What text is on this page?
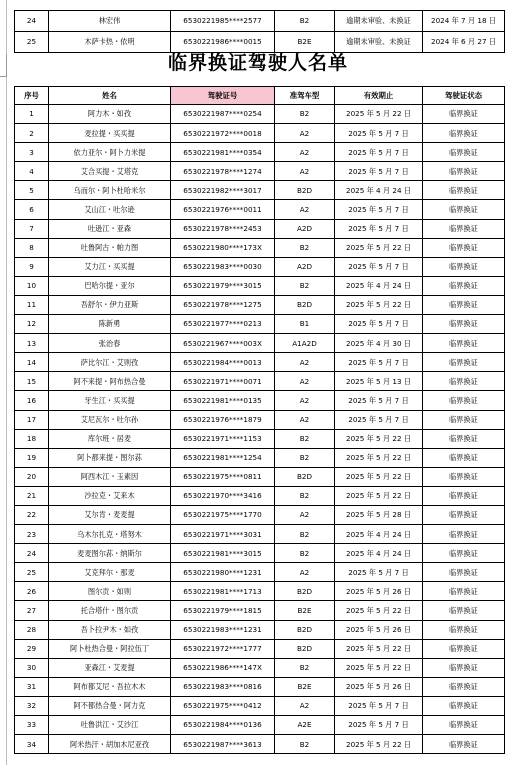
24	林宏伟	6530221985****2577	B2	逾期未审验、未换证	2024 年 7 月 18 日
25	木萨卡热・依明	6530221986****0015	B2E	逾期未审验、未换证	2024 年 6 月 27 日
临界换证驾驶人名单
序号	姓名	驾驶证号	准驾车型	有效期止	驾驶证状态
1	阿力木・如孜	6530221987****0254	B2	2025 年 5 月 22 日	临界换证
2	麦拉提・买买提	6530221972****0018	A2	2025 年 5 月 7 日	临界换证
3	依力亚尔・阿卜力米提	6530221981****0354	A2	2025 年 5 月 7 日	临界换证
4	艾合买提・艾塔克	6530221978****1274	A2	2025 年 5 月 7 日	临界换证
5	乌而尔・阿卜杜哈米尔	6530221982****3017	B2D	2025 年 4 月 24 日	临界换证
6	艾山江・吐尔逊	6530221976****0011	A2	2025 年 5 月 7 日	临界换证
7	吐逊江・亚森	6530221978****2453	A2D	2025 年 5 月 7 日	临界换证
8	吐鲁阿古・帕力图	6530221980****173X	B2	2025 年 5 月 22 日	临界换证
9	艾力江・买买提	6530221983****0030	A2D	2025 年 5 月 7 日	临界换证
10	巴哈尔提・亚尔	6530221979****3015	B2	2025 年 4 月 24 日	临界换证
11	吾舒尔・伊力亚斯	6530221978****1275	B2D	2025 年 5 月 22 日	临界换证
12	陈新勇	6530221977****0213	B1	2025 年 5 月 7 日	临界换证
13	张治春	6530221967****003X	A1A2D	2025 年 4 月 30 日	临界换证
14	萨比尔江・艾则孜	6530221984****0013	A2	2025 年 5 月 7 日	临界换证
15	阿不来提・阿布热合曼	6530221971****0071	A2	2025 年 5 月 13 日	临界换证
16	牙生江・买买提	6530221981****0135	A2	2025 年 5 月 7 日	临界换证
17	艾尼瓦尔・吐尔孙	6530221976****1879	A2	2025 年 5 月 7 日	临界换证
18	库尔班・居麦	6530221971****1153	B2	2025 年 5 月 22 日	临界换证
19	阿卜都来提・图尔荪	6530221981****1254	B2	2025 年 5 月 22 日	临界换证
20	阿西木江・玉素因	6530221975****0811	B2D	2025 年 5 月 22 日	临界换证
21	沙拉克・艾来木	6530221970****3416	B2	2025 年 5 月 22 日	临界换证
22	艾尔肯・麦麦提	6530221975****1770	A2	2025 年 5 月 28 日	临界换证
23	乌木尔扎克・塔努木	6530221971****3031	B2	2025 年 4 月 24 日	临界换证
24	麦麦图尔荪・纳斯尔	6530221981****3015	B2	2025 年 4 月 24 日	临界换证
25	艾克拜尔・那麦	6530221980****1231	A2	2025 年 5 月 7 日	临界换证
26	图尔贡・如则	6530221981****1713	B2D	2025 年 5 月 26 日	临界换证
27	托合塔什・图尔贡	6530221979****1815	B2E	2025 年 5 月 22 日	临界换证
28	吾卜拉尹木・如孜	6530221983****1231	B2D	2025 年 5 月 26 日	临界换证
29	阿卜杜热合曼・阿拉伍丁	6530221972****1777	B2D	2025 年 5 月 22 日	临界换证
30	亚森江・艾麦提	6530221986****147X	B2	2025 年 5 月 22 日	临界换证
31	阿布都艾尼・吾拉木木	6530221983****0816	B2E	2025 年 5 月 26 日	临界换证
32	阿不都热合曼・阿力克	6530221975****0412	A2	2025 年 5 月 7 日	临界换证
33	吐鲁洪江・艾沙江	6530221984****0136	A2E	2025 年 5 月 7 日	临界换证
34	阿米热汗・胡加木尼亚孜	6530221987****3613	B2	2025 年 5 月 22 日	临界换证
